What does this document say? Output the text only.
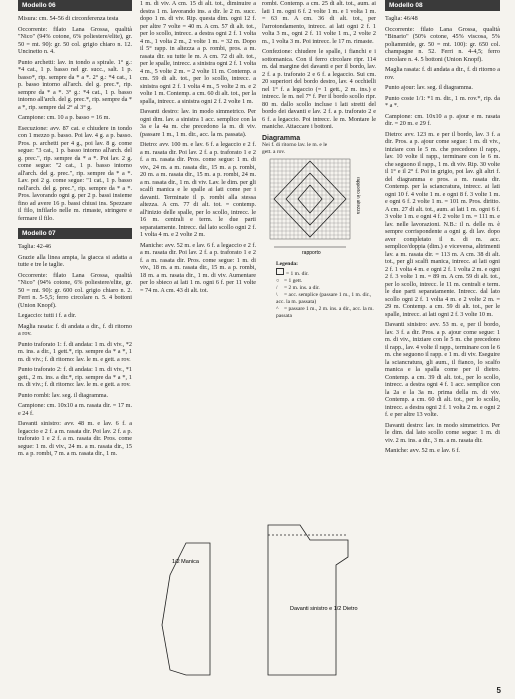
Modello 06

Misura: cm. 54-56 di circonferenza testa

Occorrente: filato Lana Grossa, qualità "Nico" (94% cotone, 6% poliestere/elite), gr. 50 = mt. 90): gr. 50 col. grigio chiaro n. 12. Uncinetto n. 4.

Punto archetti: lav. in tondo a spirale. 1° g.: *4 cat., 1 p. basso nel gr. succ., salt. 1 p. basso*, rip. sempre da * a *. 2° g.: *4 cat., 1 p. basso intorno all'arch. del g. prec.*, rip. sempre da * a *. 3° g.: *4 cat., 1 p. basso intorno all'arch. del g. prec.*, rip. sempre da * a *, rip. sempre dal 2° al 3° g.

Campione: cm. 10 a p. basso = 16 m.

Esecuzione: avv. 87 cat. e chiudere in tondo con 1 mezzo p. basso. Poi lav. 4 g. a p. basso. Pros. p. archetti per 4 g., poi lav. 8 g. come segue: "3 cat., 1 p. basso intorno all'arch. del g. prec.", rip. sempre da * a *. Poi lav. 2 g. come segue: "2 cat., 1 p. basso intorno all'arch. del g. prec.", rip. sempre da * a *. Lav. poi 2 g. come segue: "1 cat., 1 p. basso nell'arch. del g. prec.", rip. sempre da * a *. Pros. lavorando ogni g. per 2 p. bassi insieme fino ad avere 16 p. bassi chiusi ins. Spezzare il filo, infilarlo nelle m. rimaste, stringere e fermare il filo.

Modello 07

Taglia: 42-46

Grazie alla linea ampia, la giacca si adatta a tutte e tre le taglie.

Occorrente: filato Lana Grossa, qualità "Nico" (94% cotone, 6% poliestere/elite, gr. 50 = mt. 90): gr. 600 col. grigio chiaro n. 2. Ferri n. 5-5,5; ferro circolare n. 5. 4 bottoni (Union Knopf).

Legaccio: tutti i f. a dir.

Maglia rasata: f. di andata a dir., f. di ritorno a rov.

Punto traforato 1: f. di andata: 1 m. di viv., *2 m. ins. a dir., 1 gett.*, rip. sempre da * a *, 1 m. di viv.; f. di ritorno: lav. le m. e gett. a rov.

Punto traforato 2: f. di andata: 1 m. di viv., *1 gett., 2 m. ins. a dir.*, rip. sempre da * a *, 1 m. di viv.; f. di ritorno: lav. le m. e gett. a rov.

Punto rombi: lav. seg. il diagramma.

Campione: cm. 10x10 a m. rasata dir. = 17 m. e 24 f.

Davanti sinistro: avv. 48 m. e lav. 6 f. a legaccio e 2 f. a m. rasata dir. Poi lav. 2 f. a p. traforato 1 e 2 f. a m. rasata dir. Pros. come segue: 1 m. di viv., 24 m. a m. rasata dir., 15 m. a p. rombi, 7 m. a m. rasata dir., 1 m.

1 m. di viv. A cm. 15 di alt. tot., diminuire a destra 1 m. lavorando ins. a dir. le 2 m. succ. dopo 1 m. di viv. Rip. questa dim. ogni 12 f. per altre 7 volte = 40 m. A cm. 57 di alt. tot., per lo scollo, intrecc. a destra ogni 2 f. 1 volta 4 m., 1 volta 2 m., 2 volte 1 m. = 32 m. Dopo il 5° rapp. in altezza a p. rombi, pros. a m. rasata dir. su tutte le m. A cm. 72 di alt. tot., per le spalle, intrecc. a sinistra ogni 2 f. 1 volta 4 m., 5 volte 2 m. = 2 volte 11 m. Contemp. a cm. 59 di alt. tot., per lo scollo, intrecc. a sinistra ogni 2 f. 1 volta 4 m., 5 volte 2 m. e 2 volte 1 m. Contemp. a cm. 60 di alt. tot., per la spalla, intrecc. a sinistra ogni 2 f. 2 volte 1 m.

Davanti destro: lav. in modo simmetrico. Per ogni dim. lav. a sinistra 1 acc. semplice con la 3a e la 4a m. che precedono la m. di viv. (passare 1 m., 1 m. dir., acc. la m. passata).

Dietro: avv. 100 m. e lav. 6 f. a legaccio e 2 f. a m. rasata dir. Poi lav. 2 f. a p. traforato 1 e 2 f. a m. rasata dir. Pros. come segue: 1 m. di viv., 24 m. a m. rasata dir., 15 m. a p. rombi, 20 m. a m. rasata dir., 15 m. a p. rombi, 24 m. a m. rasata dir., 1 m. di viv. Lav. le dim. per gli scalfi manica e le spalle ai lati come per i davanti. Terminate il p. rombi alla stessa altezza. A cm. 77 di alt. tot. = contemp. all'inizio delle spalle, per lo scollo, intrecc. le 16 m. centrali e term. le due parti separatamente. Intrecc. dal lato scollo ogni 2 f. 1 volta 4 m. e 2 volte 2 m.

Maniche: avv. 52 m. e lav. 6 f. a legaccio e 2 f. a m. rasata dir. Poi lav. 2 f. a p. traforato 1 e 2 f. a m. rasata dir. Pros. come segue: 1 m. di viv., 18 m. a m. rasata dir., 15 m. a p. rombi, 18 m. a m. rasata dir., 1 m. di viv. Aumentare per lo sbieco ai lati 1 m. ogni 6 f. per 11 volte = 74 m. A cm. 43 di alt. tot.

rombi. Contemp. a cm. 25 di alt. tot., aum. ai lati 1 m. ogni 6 f. 2 volte 1 m. e 1 volta 1 m. = 63 m. A cm. 36 di alt. tot., per l'arrotondamento, intrecc. ai lati ogni 2 f. 1 volta 3 m., ogni 2 f. 11 volte 1 m., 2 volte 2 m., 1 volta 3 m. Poi intrecc. le 17 m. rimaste.

Confezione: chiudere le spalle, i fianchi e i sottomanica. Con il ferro circolare ripr. 114 m. dal margine dei davanti e per il bordo, lav. 2 f. a p. traforato 2 e 6 f. a legaccio. Sui cm. 20 superiori del bordo destro, lav. 4 occhielli nel 1° f. a legaccio (= 1 gett., 2 m. ins.) e intrecc. le m. nel 7° f. Per il bordo scollo ripr. 80 m. dallo scollo incluse i lati stretti del bordo dei davanti e lav. 2 f. a p. traforato 2 e 6 f. a legaccio. Poi intrecc. le m. Montare le maniche. Attaccare i bottoni.

Diagramma
Nei f. di ritorno lav. le m. e le gett. a rov.
rapporto
rapporto in altezza
Legenda:
= 1 m. dir.
○ = 1 gett.
/ = 2 m. ins. a dir.
\ = acc. semplice (passare 1 m., 1 m. dir., acc. la m. passata)
^ = passare 1 m., 2 m. ins. a dir., acc. la m. passata
1/2 Manica
Davanti sinistro e 1/2 Dietro
Modello 08

Taglia: 46/48

Occorrente: filato Lana Grossa, qualità "Binario" (50% cotone, 45% viscosa, 5% poliammide, gr. 50 = mt. 100): gr. 650 col. champagne n. 52. Ferri n. 4-4,5; ferro circolare n. 4. 5 bottoni (Union Knopf).

Maglia rasata: f. di andata a dir., f. di ritorno a rov.

Punto ajour: lav. seg. il diagramma.

Punto coste 1/1: *1 m. dir., 1 m. rov.*, rip. da * a *.

Campione: cm. 10x10 a p. ajour e m. rasata dir. = 20 m. e 29 f.

Dietro: avv. 123 m. e per il bordo, lav. 3 f. a dir. Pros. a p. ajour come segue: 1 m. di viv., iniziare con le 5 m. che precedono il rapp., lav. 10 volte il rapp., terminare con le 6 m. che seguono il rapp., 1 m. di viv. Rip. 30 volte il 1° e il 2° f. Poi in grigio, poi lav. gli altri f. del diagramma e pros. a m. rasata dir. Contemp. per la sciancratura, intrecc. ai lati ogni 10 f. 4 volte 1 m. e ogni 8 f. 3 volte 1 m. e ogni 6 f. 2 volte 1 m. = 101 m. Pros. diritto. A cm. 27 di alt. tot., aum. ai lati 1 m. ogni 6 f. 3 volte 1 m. e ogni 4 f. 2 volte 1 m. = 111 m. e lav. nelle lavorazioni. N.B.: il n. delle m. è sempre corrispondente a ogni g. di lav. dopo aver completato il n. di m. acc. semplice/doppia (dim.) e viceversa, altrimenti lav. a m. rasata dir. = 113 m. A cm. 38 di alt. tot., per gli scalfi manica, intrecc. ai lati ogni 2 f. 1 volta 4 m. e ogni 2 f. 1 volta 2 m. e ogni 2 f. 3 volte 1 m. = 89 m. A cm. 59 di alt. tot., per lo scollo, intrecc. le 11 m. centrali e term. le due parti separatamente. Intrecc. dal lato scollo ogni 2 f. 1 volta 4 m. e 2 volte 2 m. = 29 m. Contemp. a cm. 59 di alt. tot., per le spalle, intrecc. ai lati ogni 2 f. 3 volte 10 m.

Davanti sinistro: avv. 53 m. e, per il bordo, lav. 3 f. a dir. Pros. a p. ajour come segue: 1 m. di viv., iniziare con le 5 m. che precedono il rapp., lav. 4 volte il rapp., terminare con le 6 m. che seguono il rapp. e 1 m. di viv. Eseguire la sciancratura, gli aum., il fianco, lo scalfo manica e la spalla come per il dietro. Contemp. a cm. 39 di alt. tot., per lo scollo, intrecc. a destra ogni 4 f. 1 acc. semplice con la 2a e la 3a m. prima della m. di viv. Contemp. a cm. 60 di alt. tot., per lo scollo, intrecc. a destra ogni 2 f. 1 volta 2 m. e ogni 2 f. e per altre 13 volte.

Davanti destro: lav. in modo simmetrico. Per le dim. dal lato scollo come segue: 1 m. di viv. 2 m. ins. a dir., 3 m. a m. rasata dir.

Maniche: avv. 52 m. e lav. 6 f.

5
